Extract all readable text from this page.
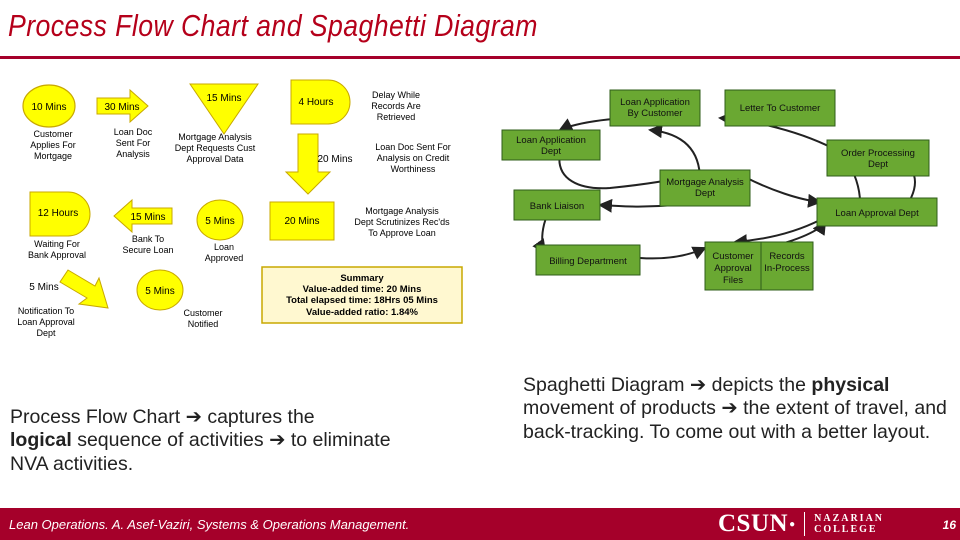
Process Flow Chart and Spaghetti Diagram
10 Mins
Customer Applies For Mortgage
30 Mins
Loan Doc Sent For Analysis
15 Mins
Mortgage Analysis Dept Requests Cust Approval Data
4 Hours
Delay While Records Are Retrieved
20 Mins
Loan Doc Sent For Analysis on Credit Worthiness
20 Mins
Mortgage Analysis Dept Scrutinizes Rec'ds To Approve Loan
5 Mins
Loan Approved
15 Mins
Bank To Secure Loan
12 Hours
Waiting For Bank Approval
5 Mins
Notification To Loan Approval Dept
5 Mins
Customer Notified
Summary
Value-added time: 20 Mins
Total elapsed time: 18Hrs 05 Mins
Value-added ratio: 1.84%
Loan Application By Customer	Letter To Customer
Loan Application Dept	Order Processing Dept
Mortgage Analysis Dept
Bank Liaison
Loan Approval Dept
Billing Department	Customer Approval Files
Records In-Process
Process Flow Chart ➔ captures the
logical sequence of activities ➔ to eliminate NVA activities.
Spaghetti Diagram ➔ depicts the physical movement of products ➔ the extent of travel, and back-tracking. To come out with a better layout.
Lean Operations. A. Asef-Vaziri, Systems & Operations Management.	CSUN ●
NAZARIAN
COLLEGE	16
